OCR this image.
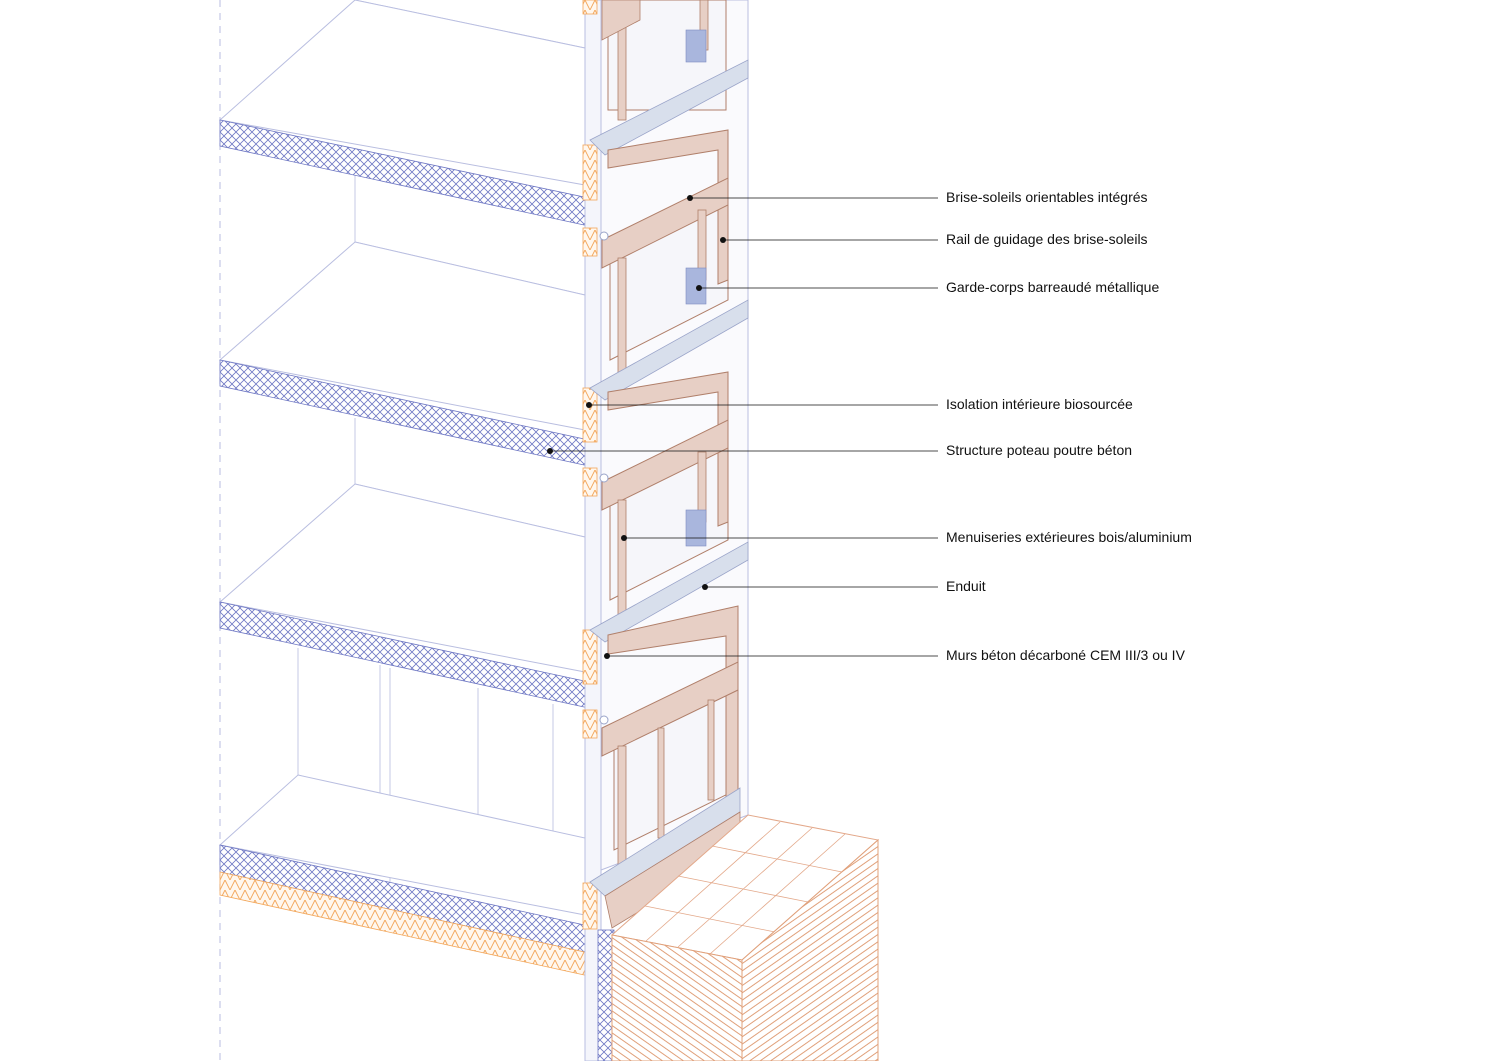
Brise-soleils orientables intégrés
Rail de guidage des brise-soleils
Garde-corps barreaudé métallique
Isolation intérieure biosourcée
Structure poteau poutre béton
Menuiseries extérieures bois/aluminium
Enduit
Murs béton décarboné CEM III/3 ou IV
